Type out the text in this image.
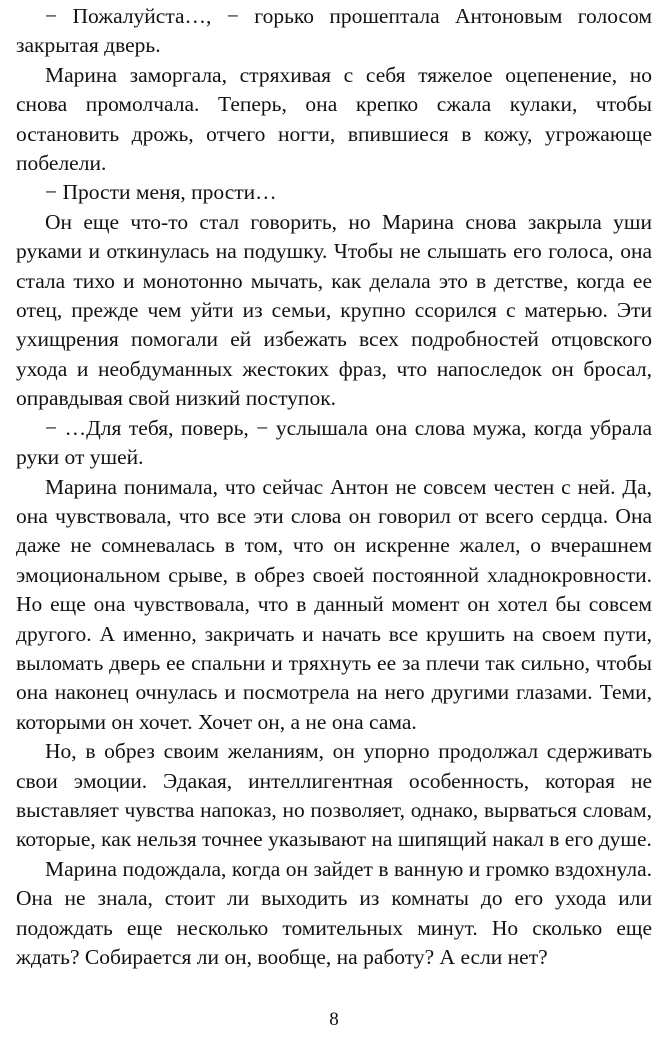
− Пожалуйста…, − горько прошептала Антоновым голосом закрытая дверь.

Марина заморгала, стряхивая с себя тяжелое оцепенение, но снова промолчала. Теперь, она крепко сжала кулаки, чтобы остановить дрожь, отчего ногти, впившиеся в кожу, угрожающе побелели.

− Прости меня, прости…

Он еще что-то стал говорить, но Марина снова закрыла уши руками и откинулась на подушку. Чтобы не слышать его голоса, она стала тихо и монотонно мычать, как делала это в детстве, когда ее отец, прежде чем уйти из семьи, крупно ссорился с матерью. Эти ухищрения помогали ей избежать всех подробностей отцовского ухода и необдуманных жестоких фраз, что напоследок он бросал, оправдывая свой низкий поступок.

− …Для тебя, поверь, − услышала она слова мужа, когда убрала руки от ушей.

Марина понимала, что сейчас Антон не совсем честен с ней. Да, она чувствовала, что все эти слова он говорил от всего сердца. Она даже не сомневалась в том, что он искренне жалел, о вчерашнем эмоциональном срыве, в обрез своей постоянной хладнокровности. Но еще она чувствовала, что в данный момент он хотел бы совсем другого. А именно, закричать и начать все крушить на своем пути, выломать дверь ее спальни и тряхнуть ее за плечи так сильно, чтобы она наконец очнулась и посмотрела на него другими глазами. Теми, которыми он хочет. Хочет он, а не она сама.

Но, в обрез своим желаниям, он упорно продолжал сдерживать свои эмоции. Эдакая, интеллигентная особенность, которая не выставляет чувства напоказ, но позволяет, однако, вырваться словам, которые, как нельзя точнее указывают на шипящий накал в его душе.

Марина подождала, когда он зайдет в ванную и громко вздохнула. Она не знала, стоит ли выходить из комнаты до его ухода или подождать еще несколько томительных минут. Но сколько еще ждать? Собирается ли он, вообще, на работу? А если нет?

8
